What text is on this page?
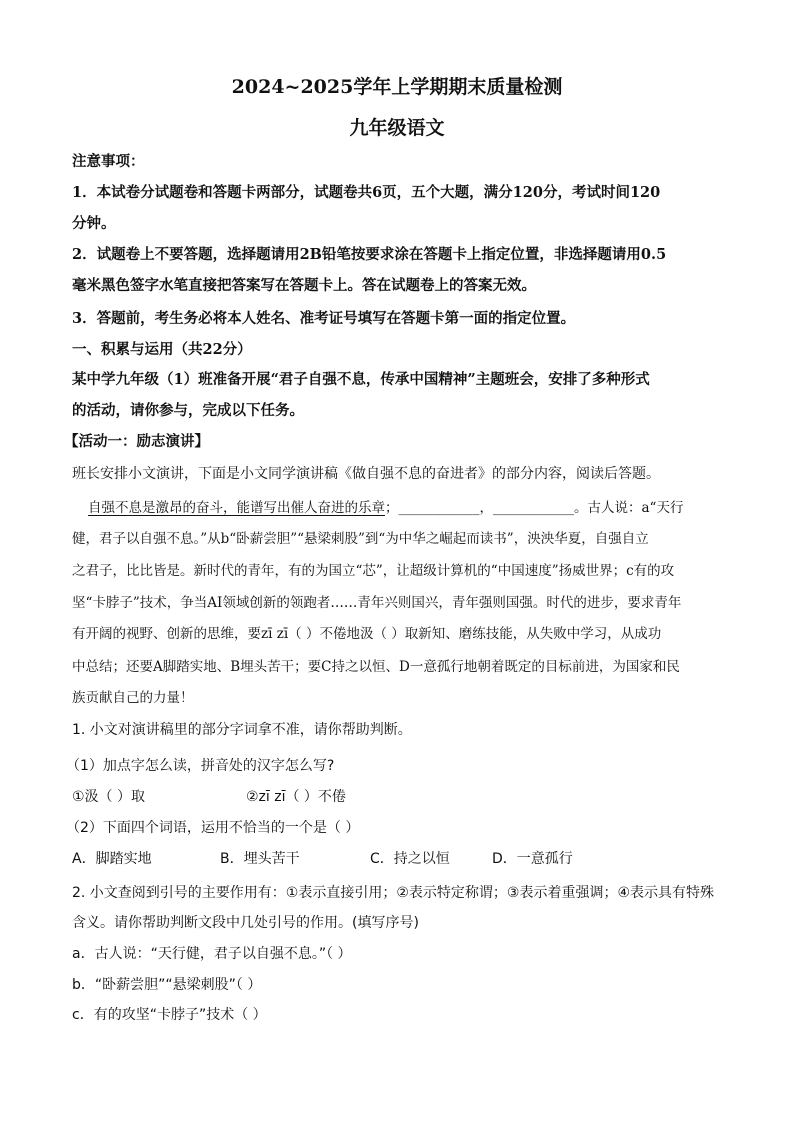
2024~2025学年上学期期末质量检测
九年级语文
注意事项：
1．本试卷分试题卷和答题卡两部分，试题卷共6页，五个大题，满分120分，考试时间120
分钟。
2．试题卷上不要答题，选择题请用2B铅笔按要求涂在答题卡上指定位置，非选择题请用0.5
毫米黑色签字水笔直接把答案写在答题卡上。答在试题卷上的答案无效。
3．答题前，考生务必将本人姓名、准考证号填写在答题卡第一面的指定位置。
一、积累与运用（共22分）
某中学九年级（1）班准备开展“君子自强不息，传承中国精神”主题班会，安排了多种形式
的活动，请你参与，完成以下任务。
【活动一：励志演讲】
班长安排小文演讲，下面是小文同学演讲稿《做自强不息的奋进者》的部分内容，阅读后答题。
自强不息是激昂的奋斗，能谱写出催人奋进的乐章；____________，____________。古人说：a“天行
健，君子以自强不息。”从b“卧薪尝胆”“悬梁刺股”到“为中华之崛起而读书”，泱泱华夏，自强自立
之君子，比比皆是。新时代的青年，有的为国立“芯”，让超级计算机的“中国速度”扬威世界；c有的攻
坚“卡脖子”技术，争当AI领域创新的领跑者……青年兴则国兴，青年强则国强。时代的进步，要求青年
有开阔的视野、创新的思维，要zī zī（ ）不倦地汲（ ）取新知、磨练技能，从失败中学习，从成功
中总结；还要A脚踏实地、B埋头苦干；要C持之以恒、D一意孤行地朝着既定的目标前进，为国家和民
族贡献自己的力量！
1. 小文对演讲稿里的部分字词拿不准，请你帮助判断。
（1）加点字怎么读，拼音处的汉字怎么写?
①汲（ ）取	②zī zī（ ）不倦
（2）下面四个词语，运用不恰当的一个是（ ）
A．脚踏实地	B．埋头苦干	C．持之以恒	D．一意孤行
2. 小文查阅到引号的主要作用有：①表示直接引用；②表示特定称谓；③表示着重强调；④表示具有特殊
含义。请你帮助判断文段中几处引号的作用。(填写序号)
a．古人说：“天行健，君子以自强不息。”（ ）
b．“卧薪尝胆”“悬梁刺股”（ ）
c．有的攻坚“卡脖子”技术（ ）
